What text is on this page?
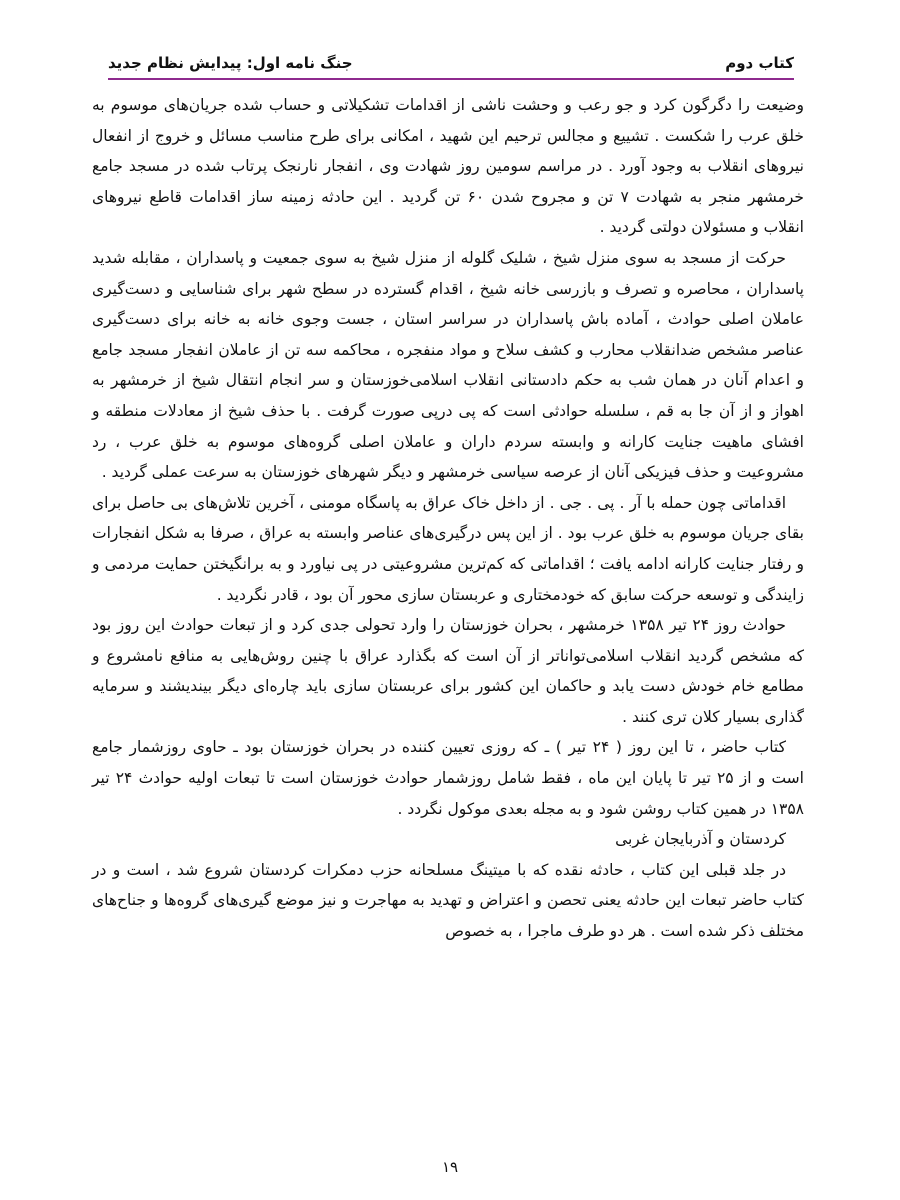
کتاب دوم
جنگ نامه اول: پیدایش نظام جدید

وضیعت را دگرگون کرد و جو رعب و وحشت ناشی از اقدامات تشکیلاتی و حساب شده جریان‌های موسوم به خلق عرب را شکست . تشییع و مجالس ترحیم این شهید ، امکانی برای طرح مناسب مسائل و خروج از انفعال نیروهای انقلاب به وجود آورد . در مراسم سومین روز شهادت وی ، انفجار نارنجک پرتاب شده در مسجد جامع خرمشهر منجر به شهادت ۷ تن و مجروح شدن ۶۰ تن گردید . این حادثه زمینه ساز اقدامات قاطع نیروهای انقلاب و مسئولان دولتی گردید .

حرکت از مسجد به سوی منزل شیخ ، شلیک گلوله از منزل شیخ به سوی جمعیت و پاسداران ، مقابله شدید پاسداران ، محاصره و تصرف و بازرسی خانه شیخ ، اقدام گسترده در سطح شهر برای شناسایی و دست‌گیری عاملان اصلی حوادث ، آماده باش پاسداران در سراسر استان ، جست وجوی خانه به خانه برای دست‌گیری عناصر مشخص ضدانقلاب محارب و کشف سلاح و مواد منفجره ، محاکمه سه تن از عاملان انفجار مسجد جامع و اعدام آنان در همان شب به حکم دادستانی انقلاب اسلامی‌خوزستان و سر انجام انتقال شیخ از خرمشهر به اهواز و از آن جا به قم ، سلسله حوادثی است که پی درپی صورت گرفت . با حذف شیخ از معادلات منطقه و افشای ماهیت جنایت کارانه و وابسته سردم داران و عاملان اصلی گروه‌های موسوم به خلق عرب ، رد مشروعیت و حذف فیزیکی آنان از عرصه سیاسی خرمشهر و دیگر شهرهای خوزستان به سرعت عملی گردید .

اقداماتی چون حمله با آر . پی . جی . از داخل خاک عراق به پاسگاه مومنی ، آخرین تلاش‌های بی حاصل برای بقای جریان موسوم به خلق عرب بود . از این پس درگیری‌های عناصر وابسته به عراق ، صرفا به شکل انفجارات و رفتار جنایت کارانه ادامه یافت ؛ اقداماتی که کم‌ترین مشروعیتی در پی نیاورد و به برانگیختن حمایت مردمی و زایندگی و توسعه حرکت سابق که خودمختاری و عربستان سازی محور آن بود ، قادر نگردید .

حوادث روز ۲۴ تیر ۱۳۵۸ خرمشهر ، بحران خوزستان را وارد تحولی جدی کرد و از تبعات حوادث این روز بود که مشخص گردید انقلاب اسلامی‌توانا‌تر از آن است که بگذارد عراق با چنین روش‌هایی به منافع نامشروع و مطامع خام خودش دست یابد و حاکمان این کشور برای عربستان سازی باید چاره‌ای دیگر بیندیشند و سرمایه گذاری بسیار کلان تری کنند .

کتاب حاضر ، تا این روز ( ۲۴ تیر ) ـ که روزی تعیین کننده در بحران خوزستان بود ـ حاوی روزشمار جامع است و از ۲۵ تیر تا پایان این ماه ، فقط شامل روزشمار حوادث خوزستان است تا تبعات اولیه حوادث ۲۴ تیر ۱۳۵۸ در همین کتاب روشن شود و به مجله بعدی موکول نگردد .

کردستان و آذربایجان غربی

در جلد قبلی این کتاب ، حادثه نقده که با میتینگ مسلحانه حزب دمکرات کردستان شروع شد ، است و در کتاب حاضر تبعات این حادثه یعنی تحصن و اعتراض و تهدید به مهاجرت و نیز موضع گیری‌های گروه‌ها و جناح‌های مختلف ذکر شده است . هر دو طرف ماجرا ، به خصوص

۱۹
